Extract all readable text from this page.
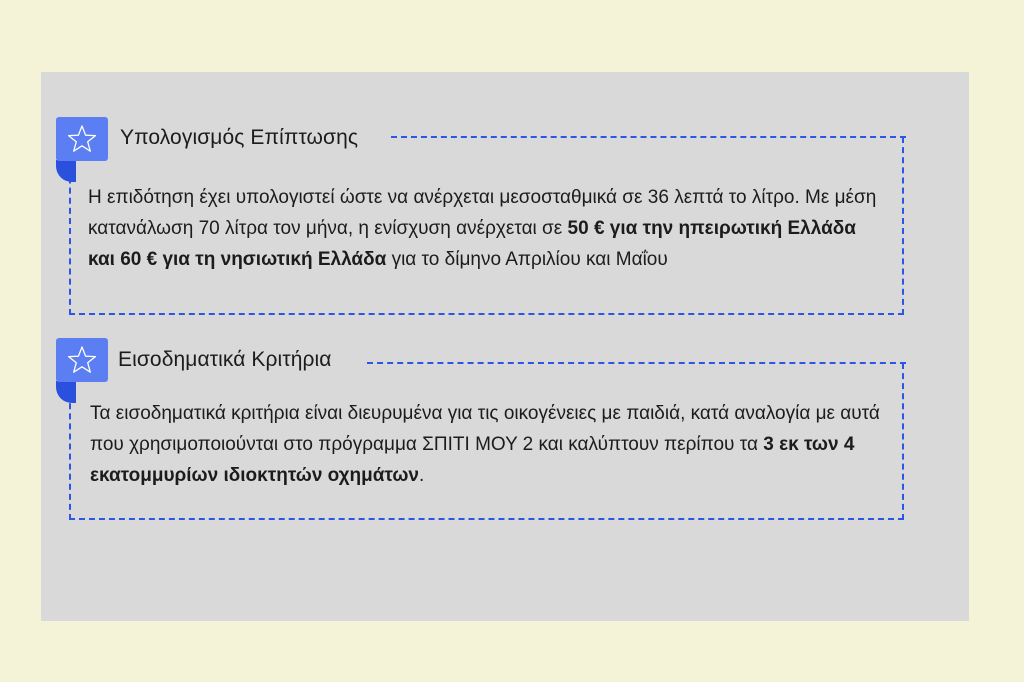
Υπολογισμός Επίπτωσης
Η επιδότηση έχει υπολογιστεί ώστε να ανέρχεται μεσοσταθμικά σε 36 λεπτά το λίτρο. Με μέση κατανάλωση 70 λίτρα τον μήνα, η ενίσχυση ανέρχεται σε 50 € για την ηπειρωτική Ελλάδα και 60 € για τη νησιωτική Ελλάδα για το δίμηνο Απριλίου και Μαΐου
Εισοδηματικά Κριτήρια
Τα εισοδηματικά κριτήρια είναι διευρυμένα για τις οικογένειες με παιδιά, κατά αναλογία με αυτά που χρησιμοποιούνται στο πρόγραμμα ΣΠΙΤΙ ΜΟΥ 2 και καλύπτουν περίπου τα 3 εκ των 4 εκατομμυρίων ιδιοκτητών οχημάτων.
